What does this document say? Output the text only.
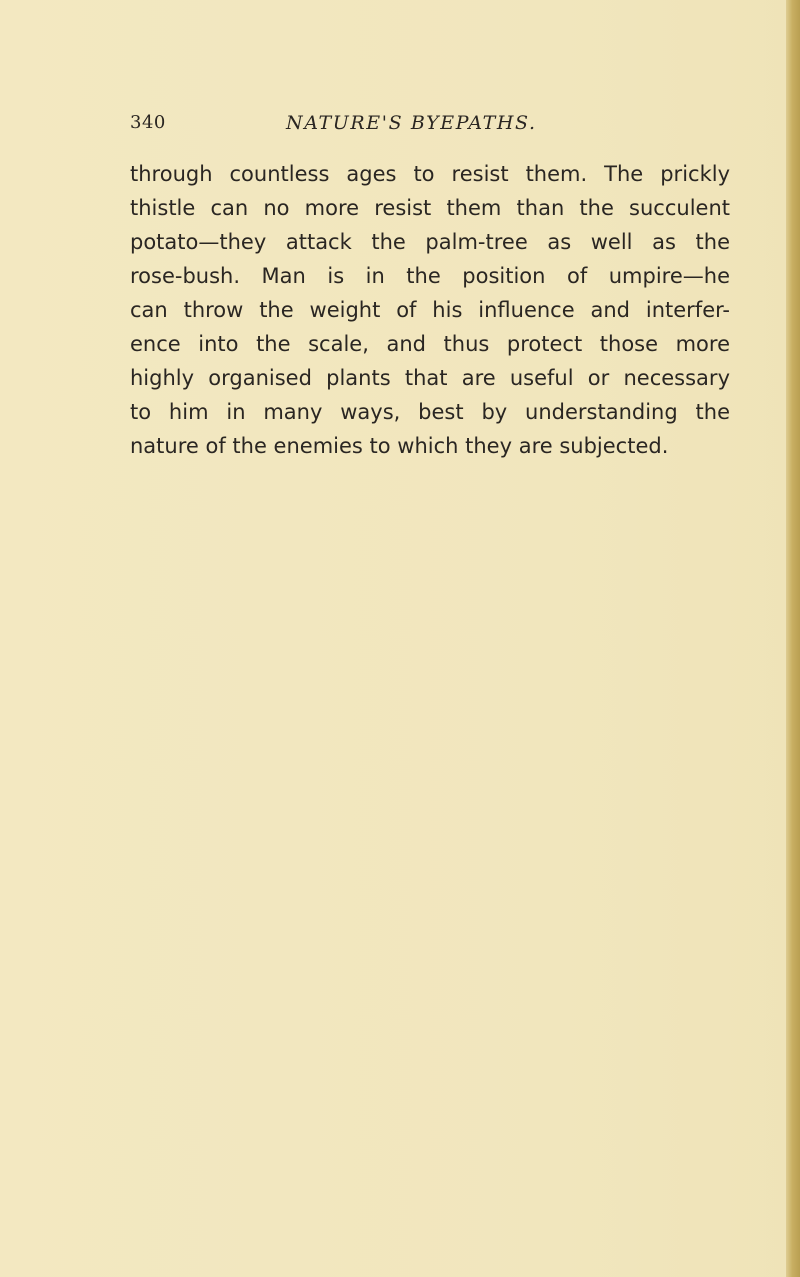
340	NATURE'S BYEPATHS.
through countless ages to resist them. The prickly
thistle can no more resist them than the succulent
potato—they attack the palm-tree as well as the
rose-bush. Man is in the position of umpire—he
can throw the weight of his influence and interfer-
ence into the scale, and thus protect those more
highly organised plants that are useful or necessary
to him in many ways, best by understanding the
nature of the enemies to which they are subjected.
